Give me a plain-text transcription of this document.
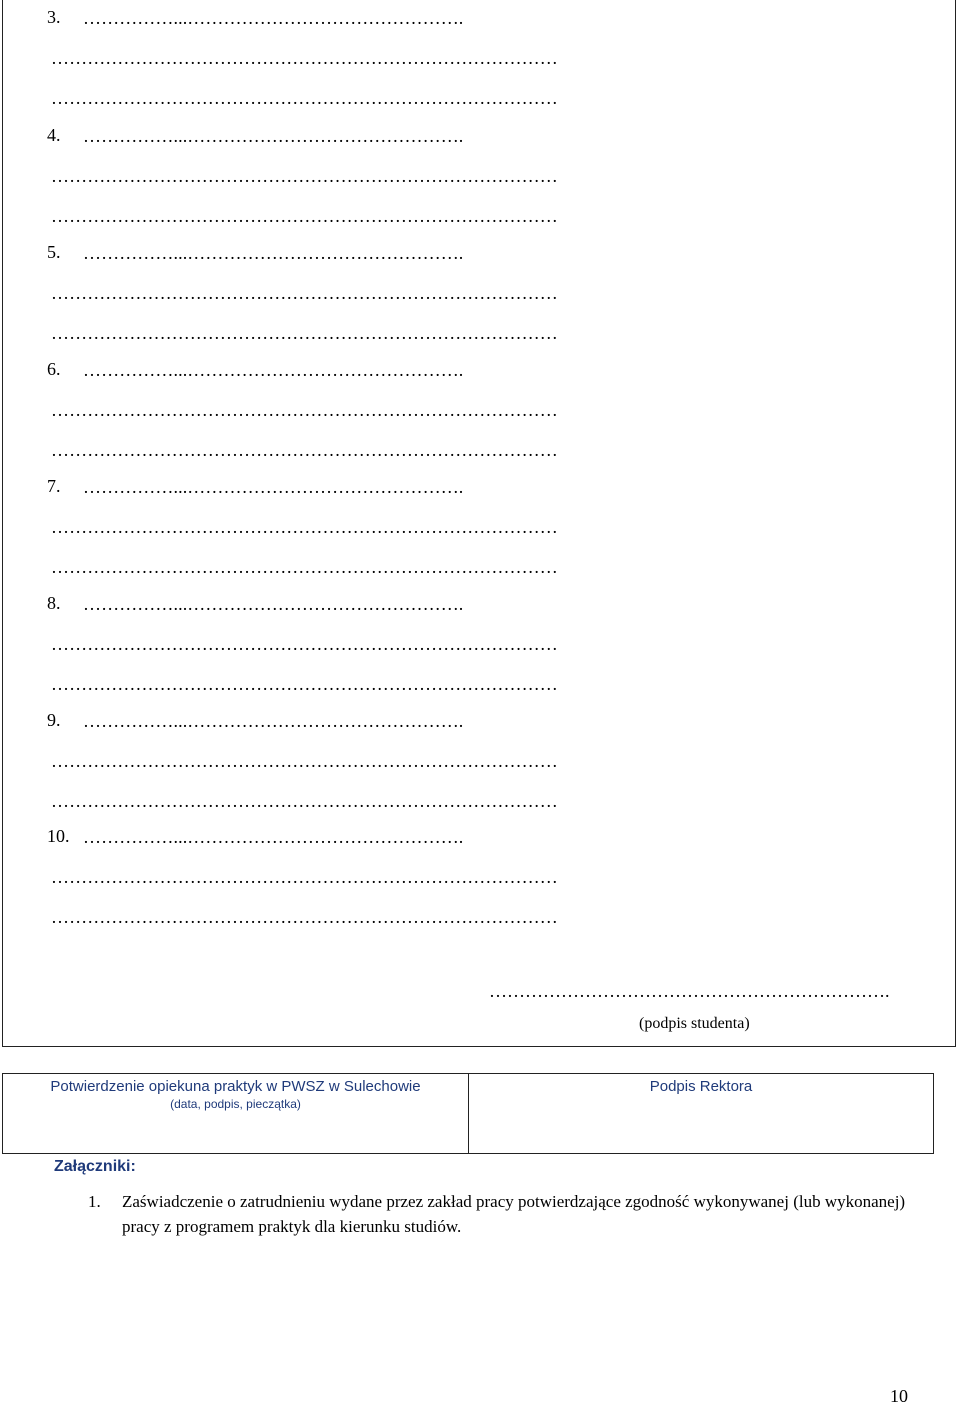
3. ……………...……………………………………….
…………………………………………………………………………
…………………………………………………………………………
4. ……………...……………………………………….
…………………………………………………………………………
…………………………………………………………………………
5. ……………...……………………………………….
…………………………………………………………………………
…………………………………………………………………………
6. ……………...……………………………………….
…………………………………………………………………………
…………………………………………………………………………
7. ……………...……………………………………….
…………………………………………………………………………
…………………………………………………………………………
8. ……………...……………………………………….
…………………………………………………………………………
…………………………………………………………………………
9. ……………...……………………………………….
…………………………………………………………………………
…………………………………………………………………………
10. ……………...……………………………………….
…………………………………………………………………………
…………………………………………………………………………
………………………………………………………….
(podpis studenta)
Potwierdzenie opiekuna praktyk w PWSZ w Sulechowie
(data, podpis, pieczątka)
Podpis Rektora
Załączniki:
1. Zaświadczenie o zatrudnieniu wydane przez zakład pracy potwierdzające zgodność wykonywanej (lub wykonanej) pracy z programem praktyk dla kierunku studiów.
10
